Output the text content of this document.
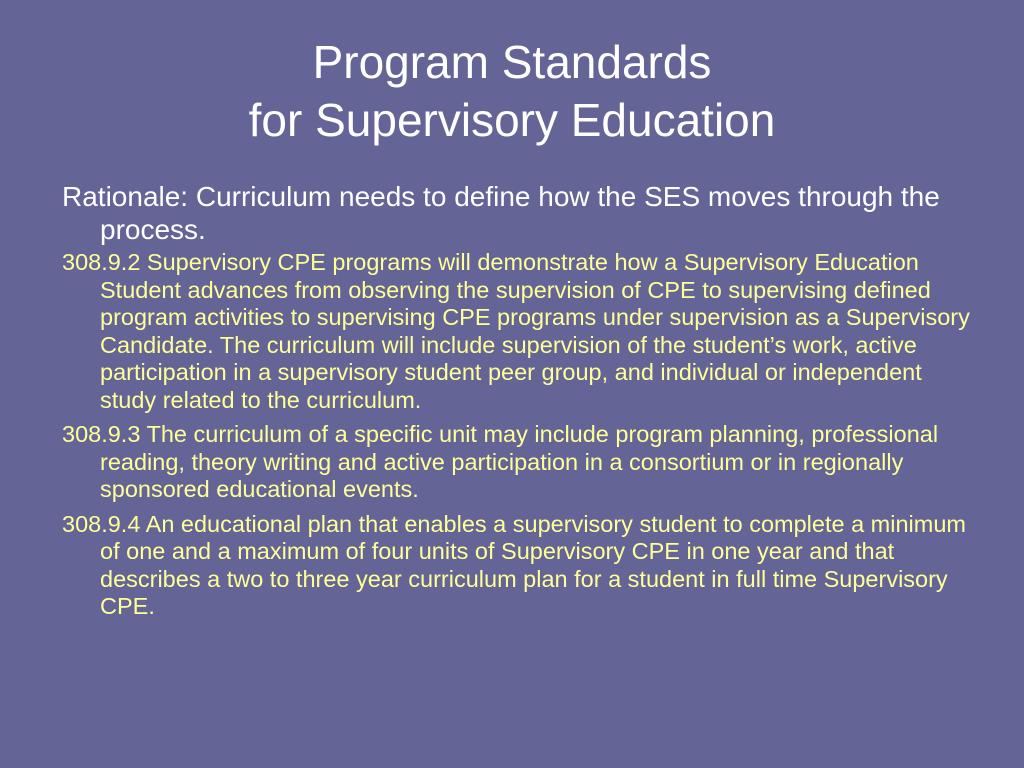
Program Standards
for Supervisory Education

Rationale: Curriculum needs to define how the SES moves through the process.

308.9.2 Supervisory CPE programs will demonstrate how a Supervisory Education Student advances from observing the supervision of CPE to supervising defined program activities to supervising CPE programs under supervision as a Supervisory Candidate. The curriculum will include supervision of the student’s work, active participation in a supervisory student peer group, and individual or independent study related to the curriculum.

308.9.3 The curriculum of a specific unit may include program planning, professional reading, theory writing and active participation in a consortium or in regionally sponsored educational events.

308.9.4 An educational plan that enables a supervisory student to complete a minimum of one and a maximum of four units of Supervisory CPE in one year and that describes a two to three year curriculum plan for a student in full time Supervisory CPE.
